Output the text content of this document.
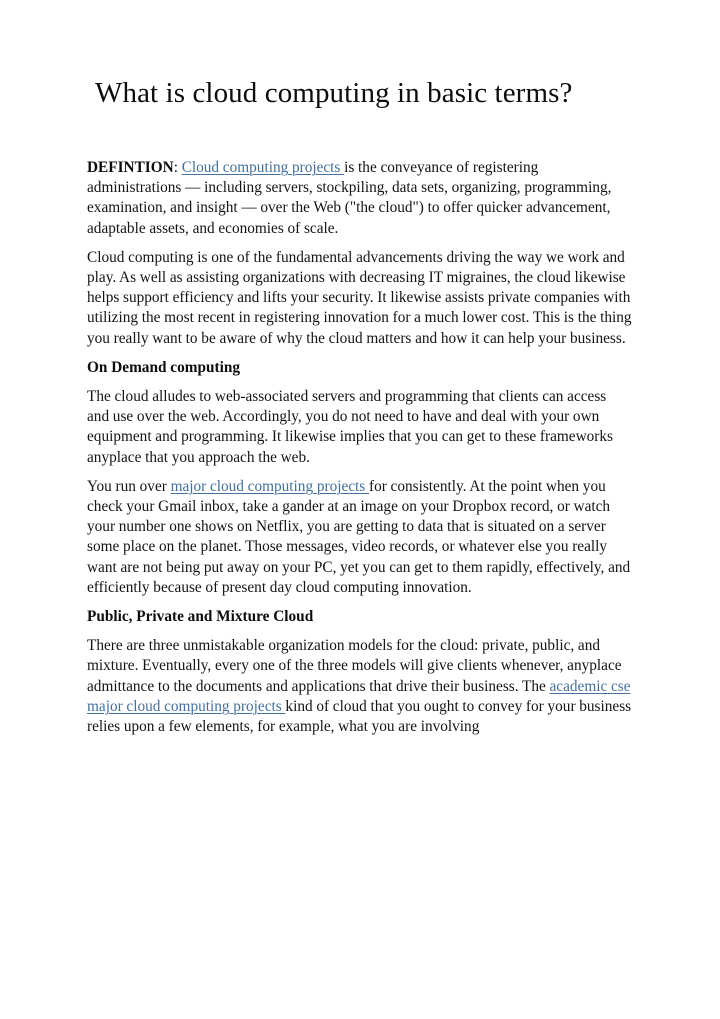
What is cloud computing in basic terms?

DEFINTION: Cloud computing projects is the conveyance of registering administrations — including servers, stockpiling, data sets, organizing, programming, examination, and insight — over the Web ("the cloud") to offer quicker advancement, adaptable assets, and economies of scale.

Cloud computing is one of the fundamental advancements driving the way we work and play. As well as assisting organizations with decreasing IT migraines, the cloud likewise helps support efficiency and lifts your security. It likewise assists private companies with utilizing the most recent in registering innovation for a much lower cost. This is the thing you really want to be aware of why the cloud matters and how it can help your business.

On Demand computing

The cloud alludes to web-associated servers and programming that clients can access and use over the web. Accordingly, you do not need to have and deal with your own equipment and programming. It likewise implies that you can get to these frameworks anyplace that you approach the web.

You run over major cloud computing projects for consistently. At the point when you check your Gmail inbox, take a gander at an image on your Dropbox record, or watch your number one shows on Netflix, you are getting to data that is situated on a server some place on the planet. Those messages, video records, or whatever else you really want are not being put away on your PC, yet you can get to them rapidly, effectively, and efficiently because of present day cloud computing innovation.

Public, Private and Mixture Cloud

There are three unmistakable organization models for the cloud: private, public, and mixture. Eventually, every one of the three models will give clients whenever, anyplace admittance to the documents and applications that drive their business. The academic cse major cloud computing projects kind of cloud that you ought to convey for your business relies upon a few elements, for example, what you are involving
